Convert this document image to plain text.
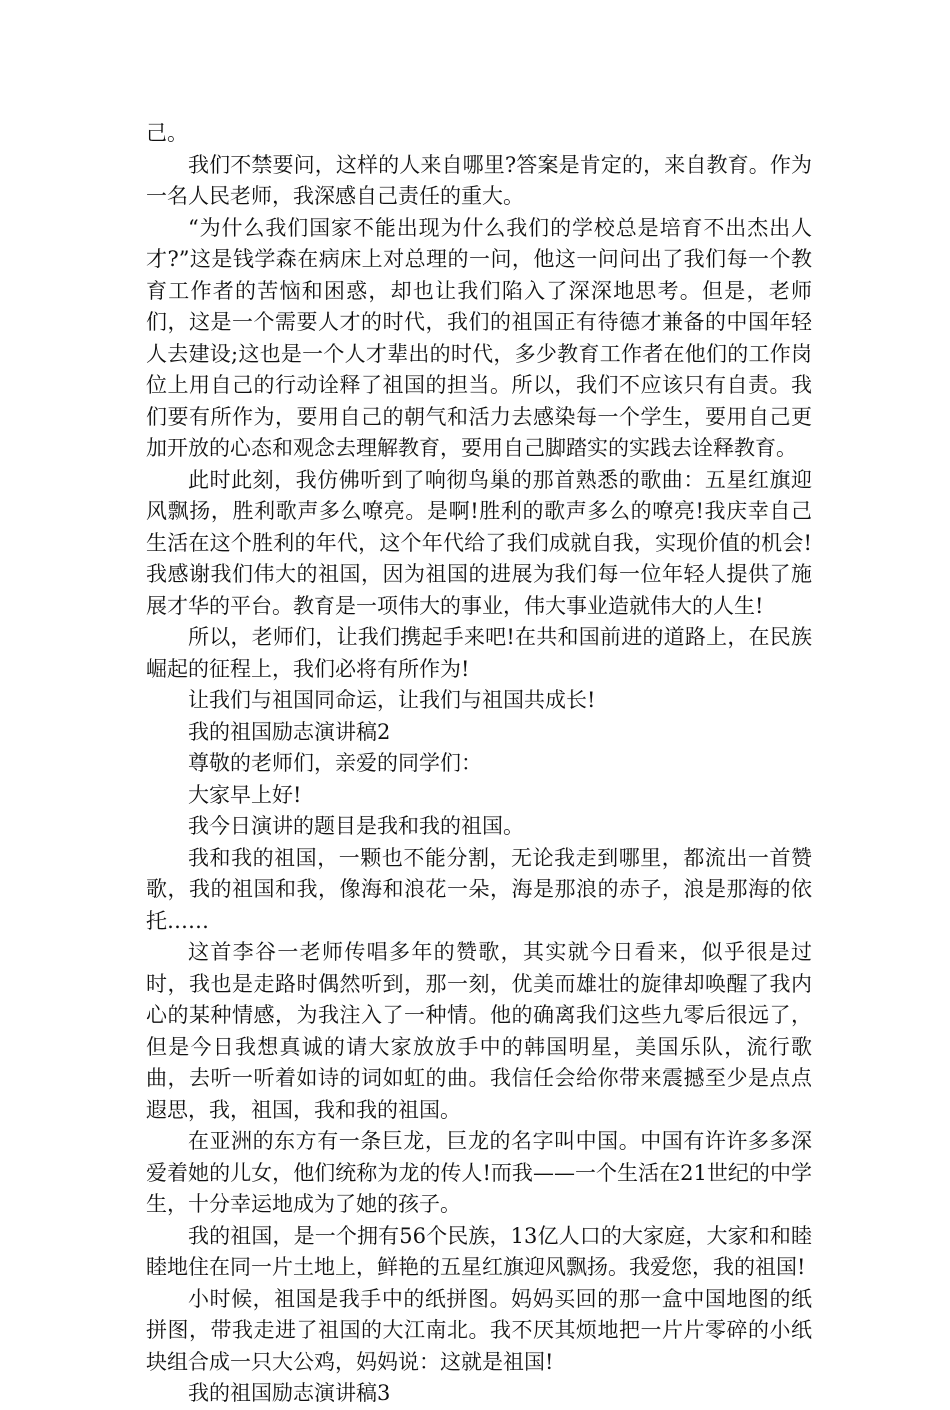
己。

我们不禁要问，这样的人来自哪里?答案是肯定的，来自教育。作为一名人民老师，我深感自己责任的重大。

“为什么我们国家不能出现为什么我们的学校总是培育不出杰出人才?”这是钱学森在病床上对总理的一问，他这一问问出了我们每一个教育工作者的苦恼和困惑，却也让我们陷入了深深地思考。但是，老师们，这是一个需要人才的时代，我们的祖国正有待德才兼备的中国年轻人去建设;这也是一个人才辈出的时代，多少教育工作者在他们的工作岗位上用自己的行动诠释了祖国的担当。所以，我们不应该只有自责。我们要有所作为，要用自己的朝气和活力去感染每一个学生，要用自己更加开放的心态和观念去理解教育，要用自己脚踏实的实践去诠释教育。

此时此刻，我仿佛听到了响彻鸟巢的那首熟悉的歌曲：五星红旗迎风飘扬，胜利歌声多么嘹亮。是啊!胜利的歌声多么的嘹亮!我庆幸自己生活在这个胜利的年代，这个年代给了我们成就自我，实现价值的机会!我感谢我们伟大的祖国，因为祖国的进展为我们每一位年轻人提供了施展才华的平台。教育是一项伟大的事业，伟大事业造就伟大的人生!

所以，老师们，让我们携起手来吧!在共和国前进的道路上，在民族崛起的征程上，我们必将有所作为!

让我们与祖国同命运，让我们与祖国共成长!

我的祖国励志演讲稿2

尊敬的老师们，亲爱的同学们：

大家早上好!

我今日演讲的题目是我和我的祖国。

我和我的祖国，一颗也不能分割，无论我走到哪里，都流出一首赞歌，我的祖国和我，像海和浪花一朵，海是那浪的赤子，浪是那海的依托……

这首李谷一老师传唱多年的赞歌，其实就今日看来，似乎很是过时，我也是走路时偶然听到，那一刻，优美而雄壮的旋律却唤醒了我内心的某种情感，为我注入了一种情。他的确离我们这些九零后很远了，但是今日我想真诚的请大家放放手中的韩国明星，美国乐队，流行歌曲，去听一听着如诗的词如虹的曲。我信任会给你带来震撼至少是点点遐思，我，祖国，我和我的祖国。

在亚洲的东方有一条巨龙，巨龙的名字叫中国。中国有许许多多深爱着她的儿女，他们统称为龙的传人!而我——一个生活在21世纪的中学生，十分幸运地成为了她的孩子。

我的祖国，是一个拥有56个民族，13亿人口的大家庭，大家和和睦睦地住在同一片土地上，鲜艳的五星红旗迎风飘扬。我爱您，我的祖国!

小时候，祖国是我手中的纸拼图。妈妈买回的那一盒中国地图的纸拼图，带我走进了祖国的大江南北。我不厌其烦地把一片片零碎的小纸块组合成一只大公鸡，妈妈说：这就是祖国!

我的祖国励志演讲稿3
